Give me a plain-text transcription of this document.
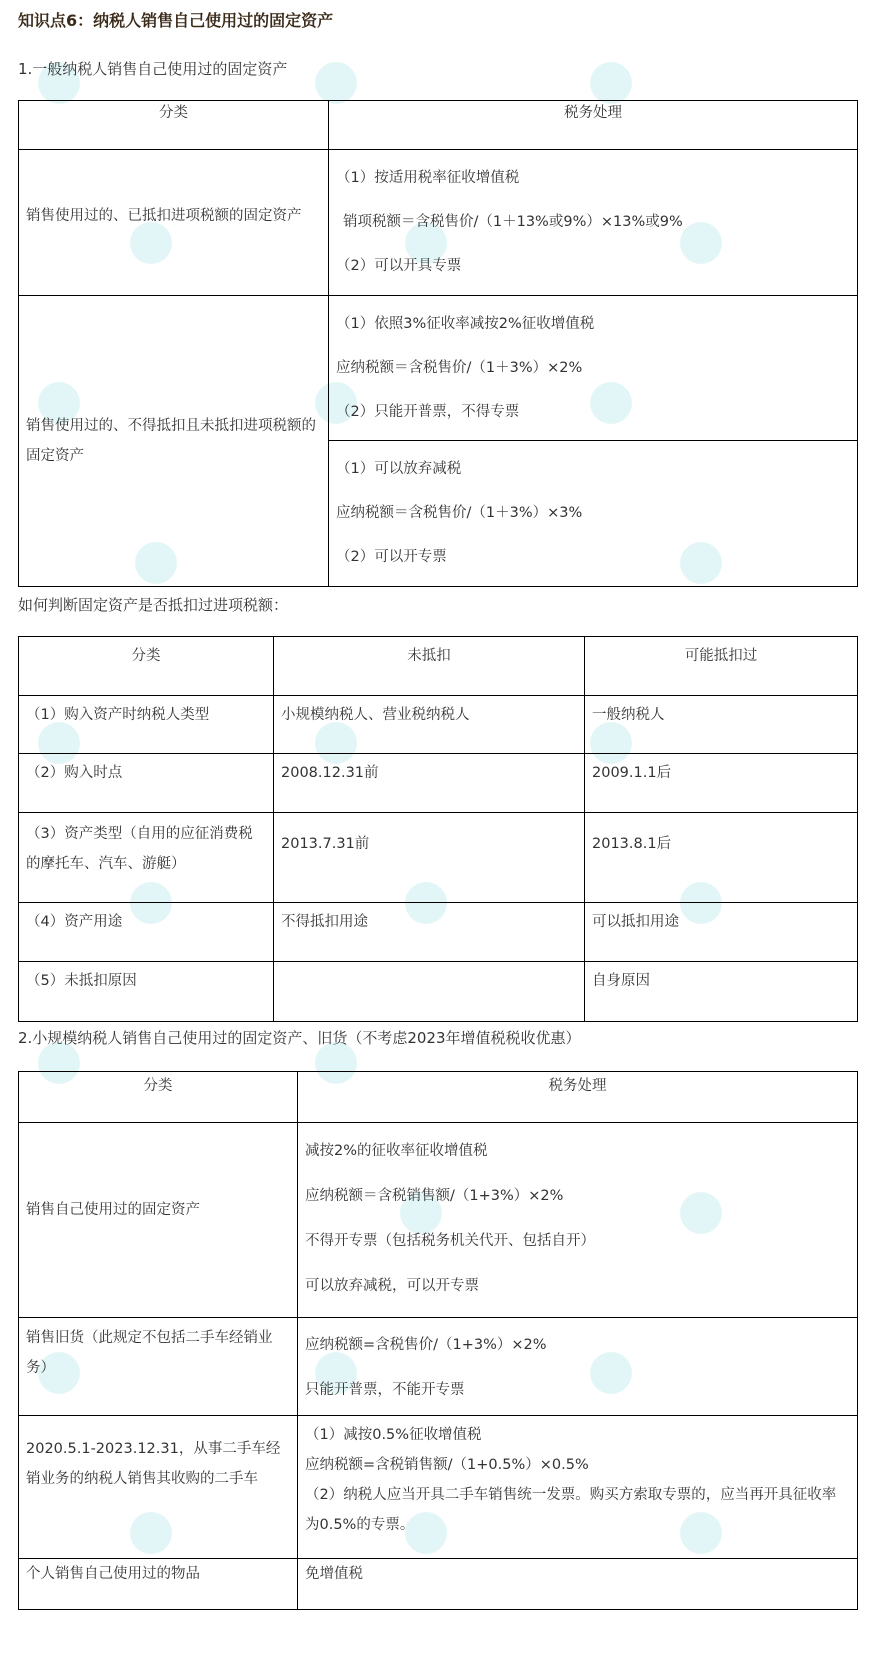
知识点6：纳税人销售自己使用过的固定资产
1.一般纳税人销售自己使用过的固定资产
分类	税务处理
销售使用过的、已抵扣进项税额的固定资产	（1）按适用税率征收增值税
销项税额＝含税售价/（1＋13%或9%）×13%或9%
（2）可以开具专票

销售使用过的、不得抵扣且未抵扣进项税额的固定资产	（1）依照3%征收率减按2%征收增值税
应纳税额＝含税售价/（1＋3%）×2%
（2）只能开普票，不得专票

	（1）可以放弃减税
应纳税额＝含税售价/（1＋3%）×3%
（2）可以开专票
如何判断固定资产是否抵扣过进项税额：
分类	未抵扣	可能抵扣过
（1）购入资产时纳税人类型	小规模纳税人、营业税纳税人	一般纳税人
（2）购入时点	2008.12.31前	2009.1.1后
（3）资产类型（自用的应征消费税的摩托车、汽车、游艇）	2013.7.31前	2013.8.1后
（4）资产用途	不得抵扣用途	可以抵扣用途
（5）未抵扣原因		自身原因
2.小规模纳税人销售自己使用过的固定资产、旧货（不考虑2023年增值税税收优惠）
分类	税务处理
销售自己使用过的固定资产	减按2%的征收率征收增值税
应纳税额＝含税销售额/（1+3%）×2%
不得开专票（包括税务机关代开、包括自开）
可以放弃减税，可以开专票

销售旧货（此规定不包括二手车经销业务）	应纳税额=含税售价/（1+3%）×2%
只能开普票，不能开专票

2020.5.1-2023.12.31，从事二手车经销业务的纳税人销售其收购的二手车	（1）减按0.5%征收增值税
应纳税额=含税销售额/（1+0.5%）×0.5%
（2）纳税人应当开具二手车销售统一发票。购买方索取专票的，应当再开具征收率为0.5%的专票。

个人销售自己使用过的物品	免增值税
